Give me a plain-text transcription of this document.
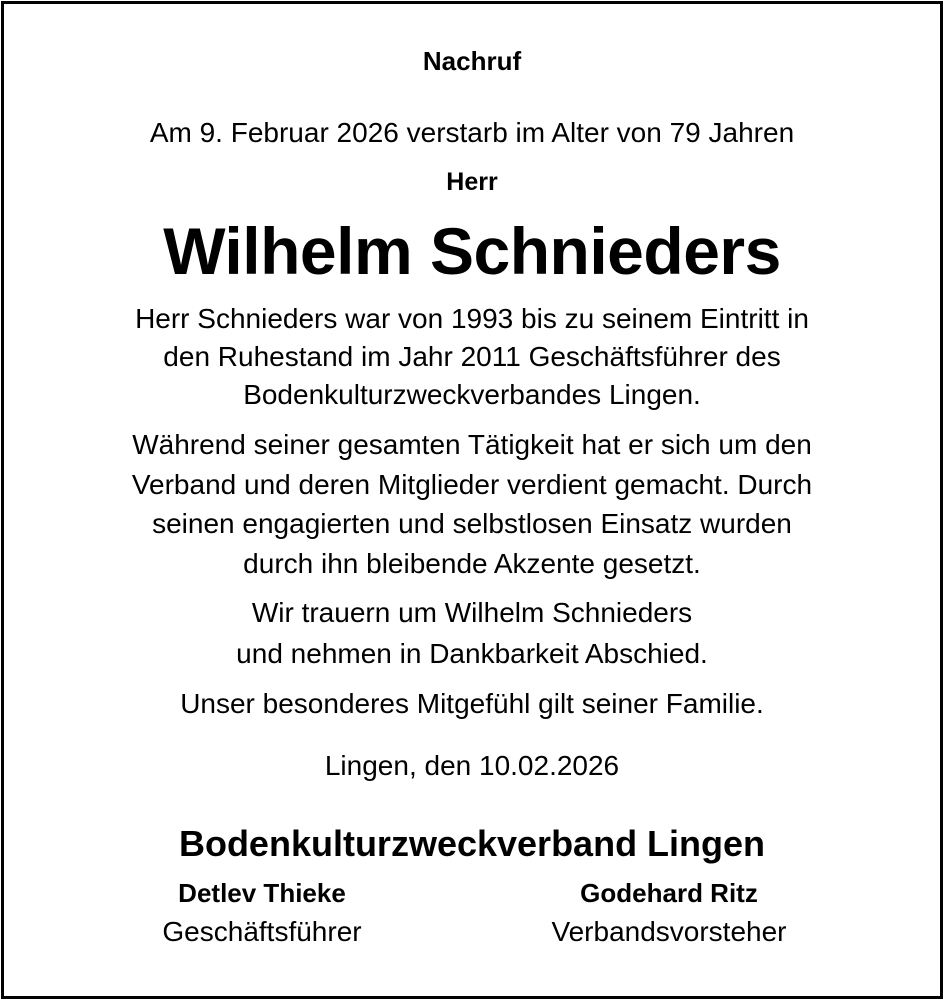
Nachruf
Am 9. Februar 2026 verstarb im Alter von 79 Jahren
Herr
Wilhelm Schnieders
Herr Schnieders war von 1993 bis zu seinem Eintritt in
den Ruhestand im Jahr 2011 Geschäftsführer des
Bodenkulturzweckverbandes Lingen.
Während seiner gesamten Tätigkeit hat er sich um den
Verband und deren Mitglieder verdient gemacht. Durch
seinen engagierten und selbstlosen Einsatz wurden
durch ihn bleibende Akzente gesetzt.
Wir trauern um Wilhelm Schnieders
und nehmen in Dankbarkeit Abschied.
Unser besonderes Mitgefühl gilt seiner Familie.
Lingen, den 10.02.2026
Bodenkulturzweckverband Lingen
Detlev Thieke
Geschäftsführer
Godehard Ritz
Verbandsvorsteher
